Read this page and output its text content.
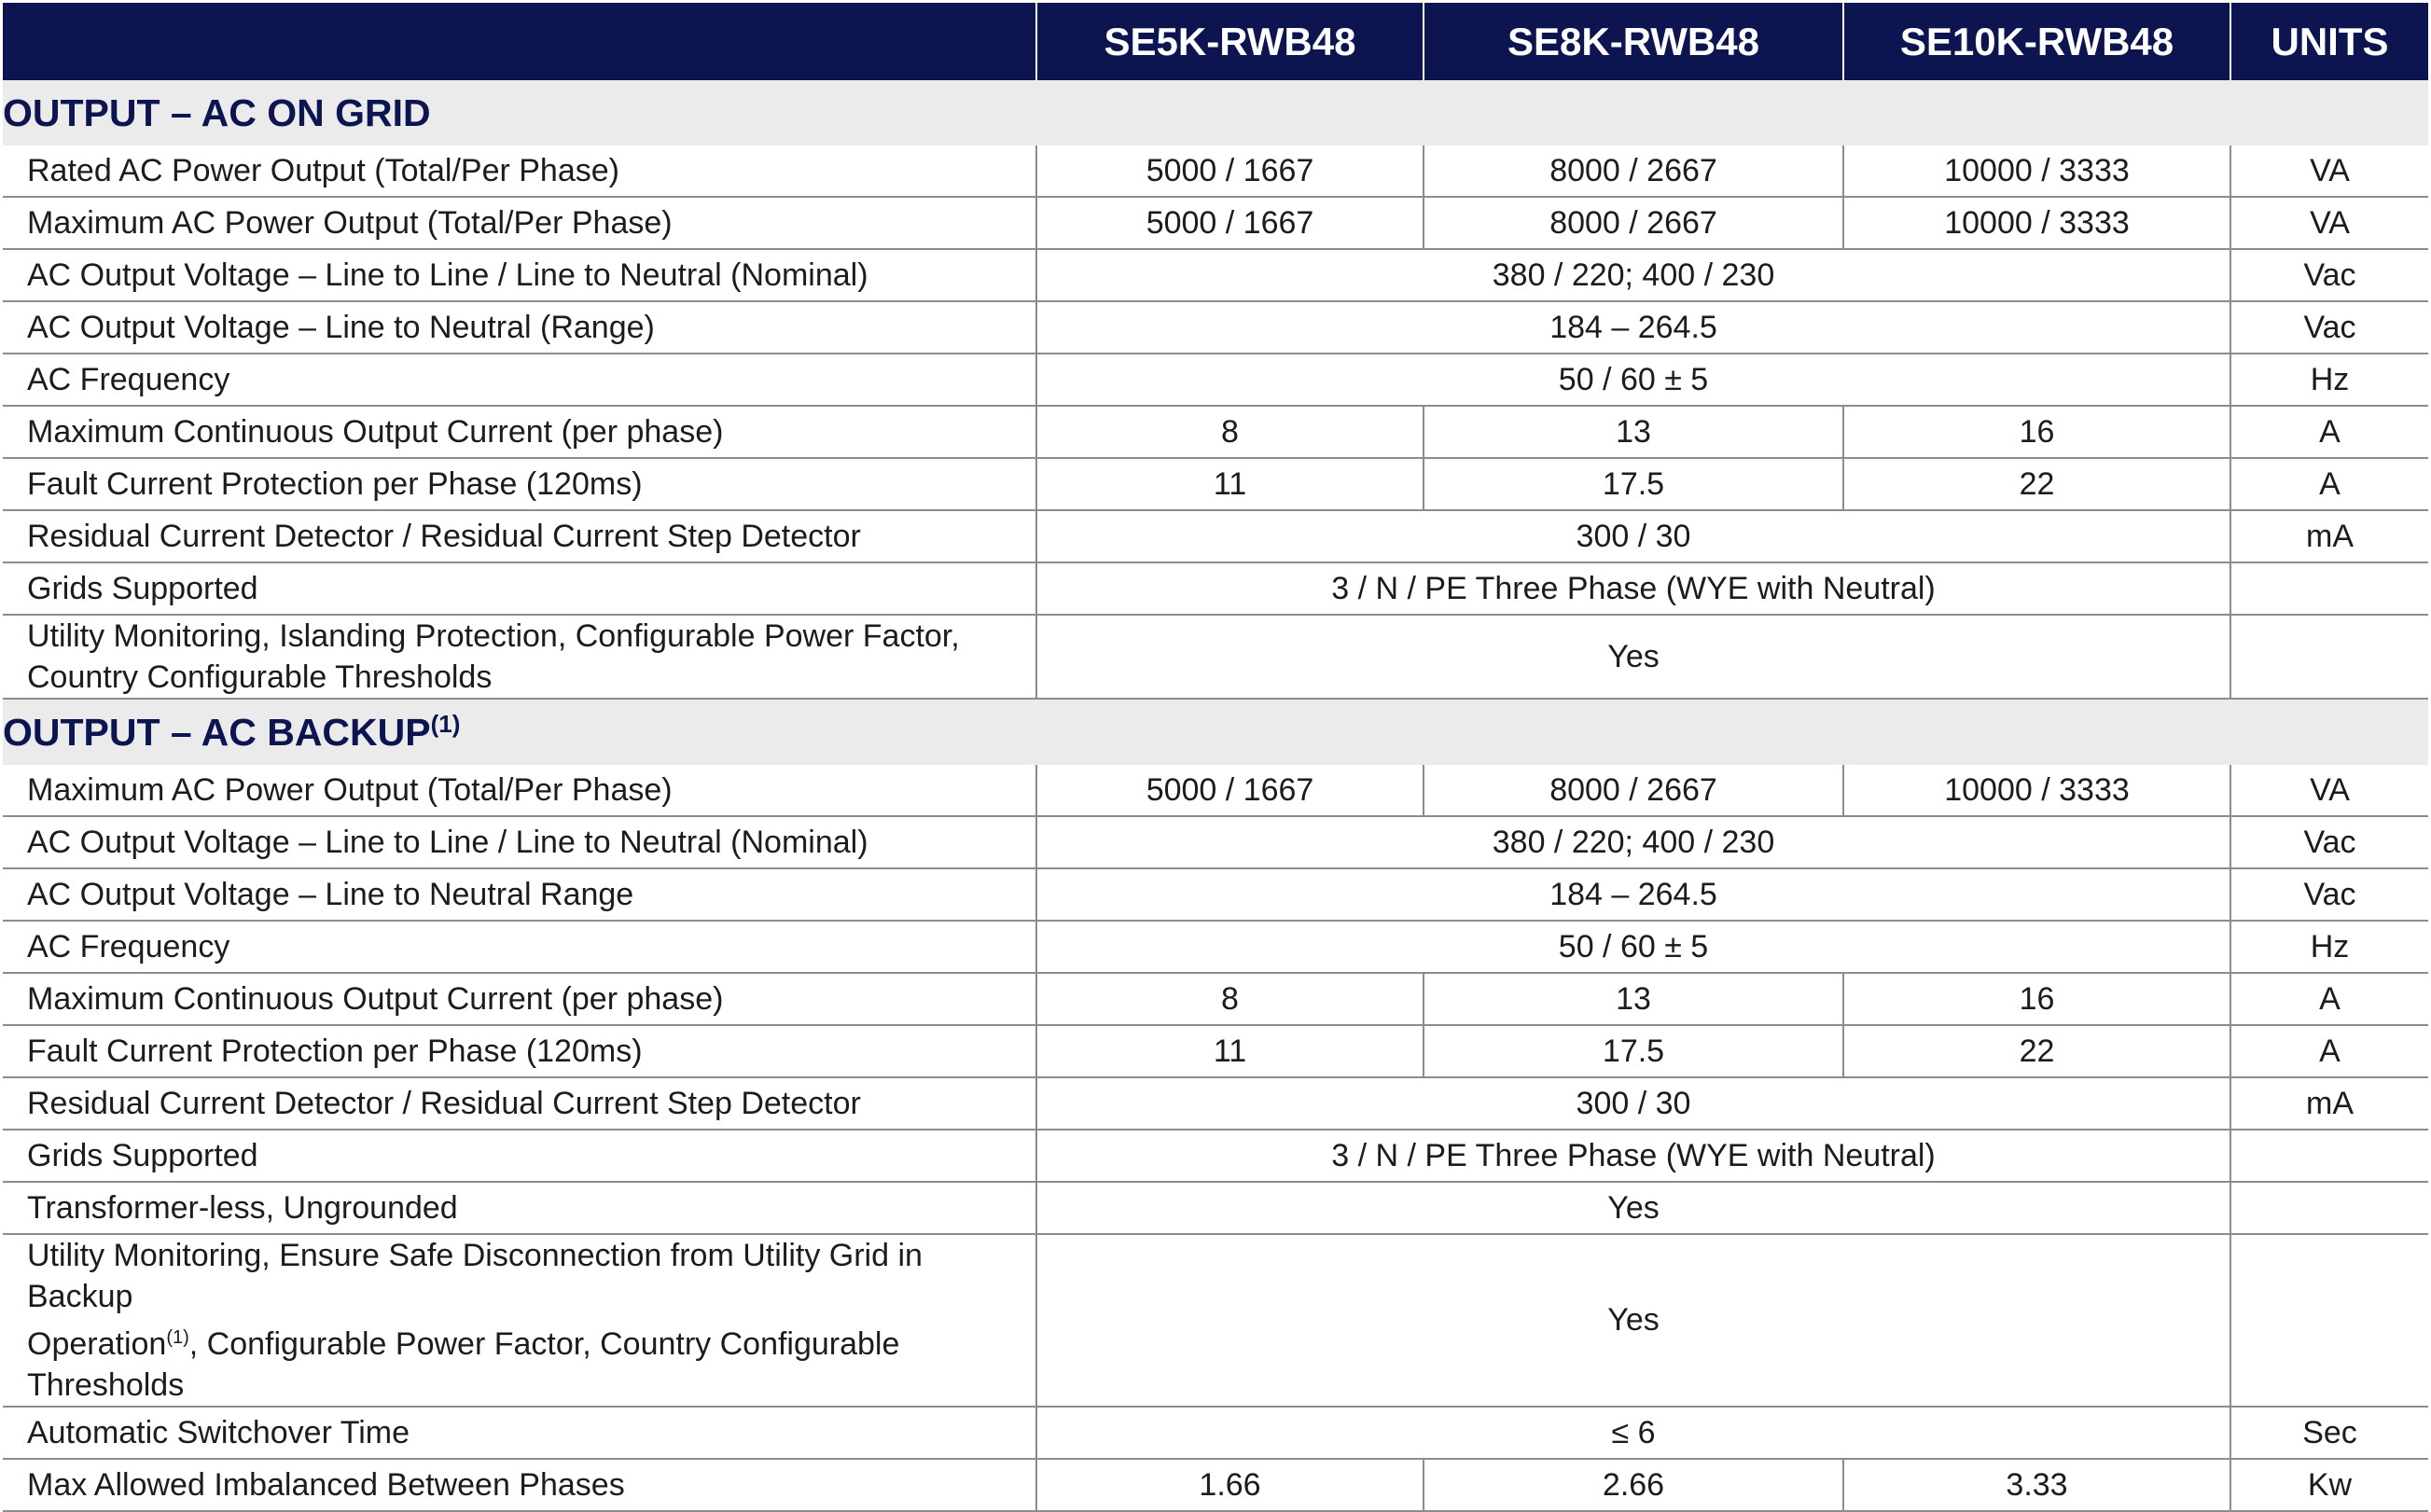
	SE5K-RWB48	SE8K-RWB48	SE10K-RWB48	UNITS
OUTPUT – AC ON GRID				
Rated AC Power Output (Total/Per Phase)	5000 / 1667	8000 / 2667	10000 / 3333	VA
Maximum AC Power Output (Total/Per Phase)	5000 / 1667	8000 / 2667	10000 / 3333	VA
AC Output Voltage – Line to Line / Line to Neutral (Nominal)	380 / 220; 400 / 230			Vac
AC Output Voltage – Line to Neutral (Range)	184 – 264.5			Vac
AC Frequency	50 / 60 ± 5			Hz
Maximum Continuous Output Current (per phase)	8	13	16	A
Fault Current Protection per Phase (120ms)	11	17.5	22	A
Residual Current Detector / Residual Current Step Detector	300 / 30			mA
Grids Supported	3 / N / PE Three Phase (WYE with Neutral)			

Utility Monitoring, Islanding Protection, Configurable Power Factor,
Country Configurable Thresholds	Yes			
OUTPUT – AC BACKUP$^{(1)}$
Maximum AC Power Output (Total/Per Phase)	5000 / 1667	8000 / 2667	10000 / 3333	VA
AC Output Voltage – Line to Line / Line to Neutral (Nominal)	380 / 220; 400 / 230			Vac
AC Output Voltage – Line to Neutral Range	184 – 264.5			Vac
AC Frequency	50 / 60 ± 5			Hz
Maximum Continuous Output Current (per phase)	8	13	16	A
Fault Current Protection per Phase (120ms)	11	17.5	22	A
Residual Current Detector / Residual Current Step Detector	300 / 30			mA
Grids Supported	3 / N / PE Three Phase (WYE with Neutral)			
Transformer-less, Ungrounded	Yes			

Utility Monitoring, Ensure Safe Disconnection from Utility Grid in Backup
Operation$^{(1)}$, Configurable Power Factor, Country Configurable Thresholds	Yes			
Automatic Switchover Time	≤ 6			Sec
Max Allowed Imbalanced Between Phases	1.66	2.66	3.33	Kw
